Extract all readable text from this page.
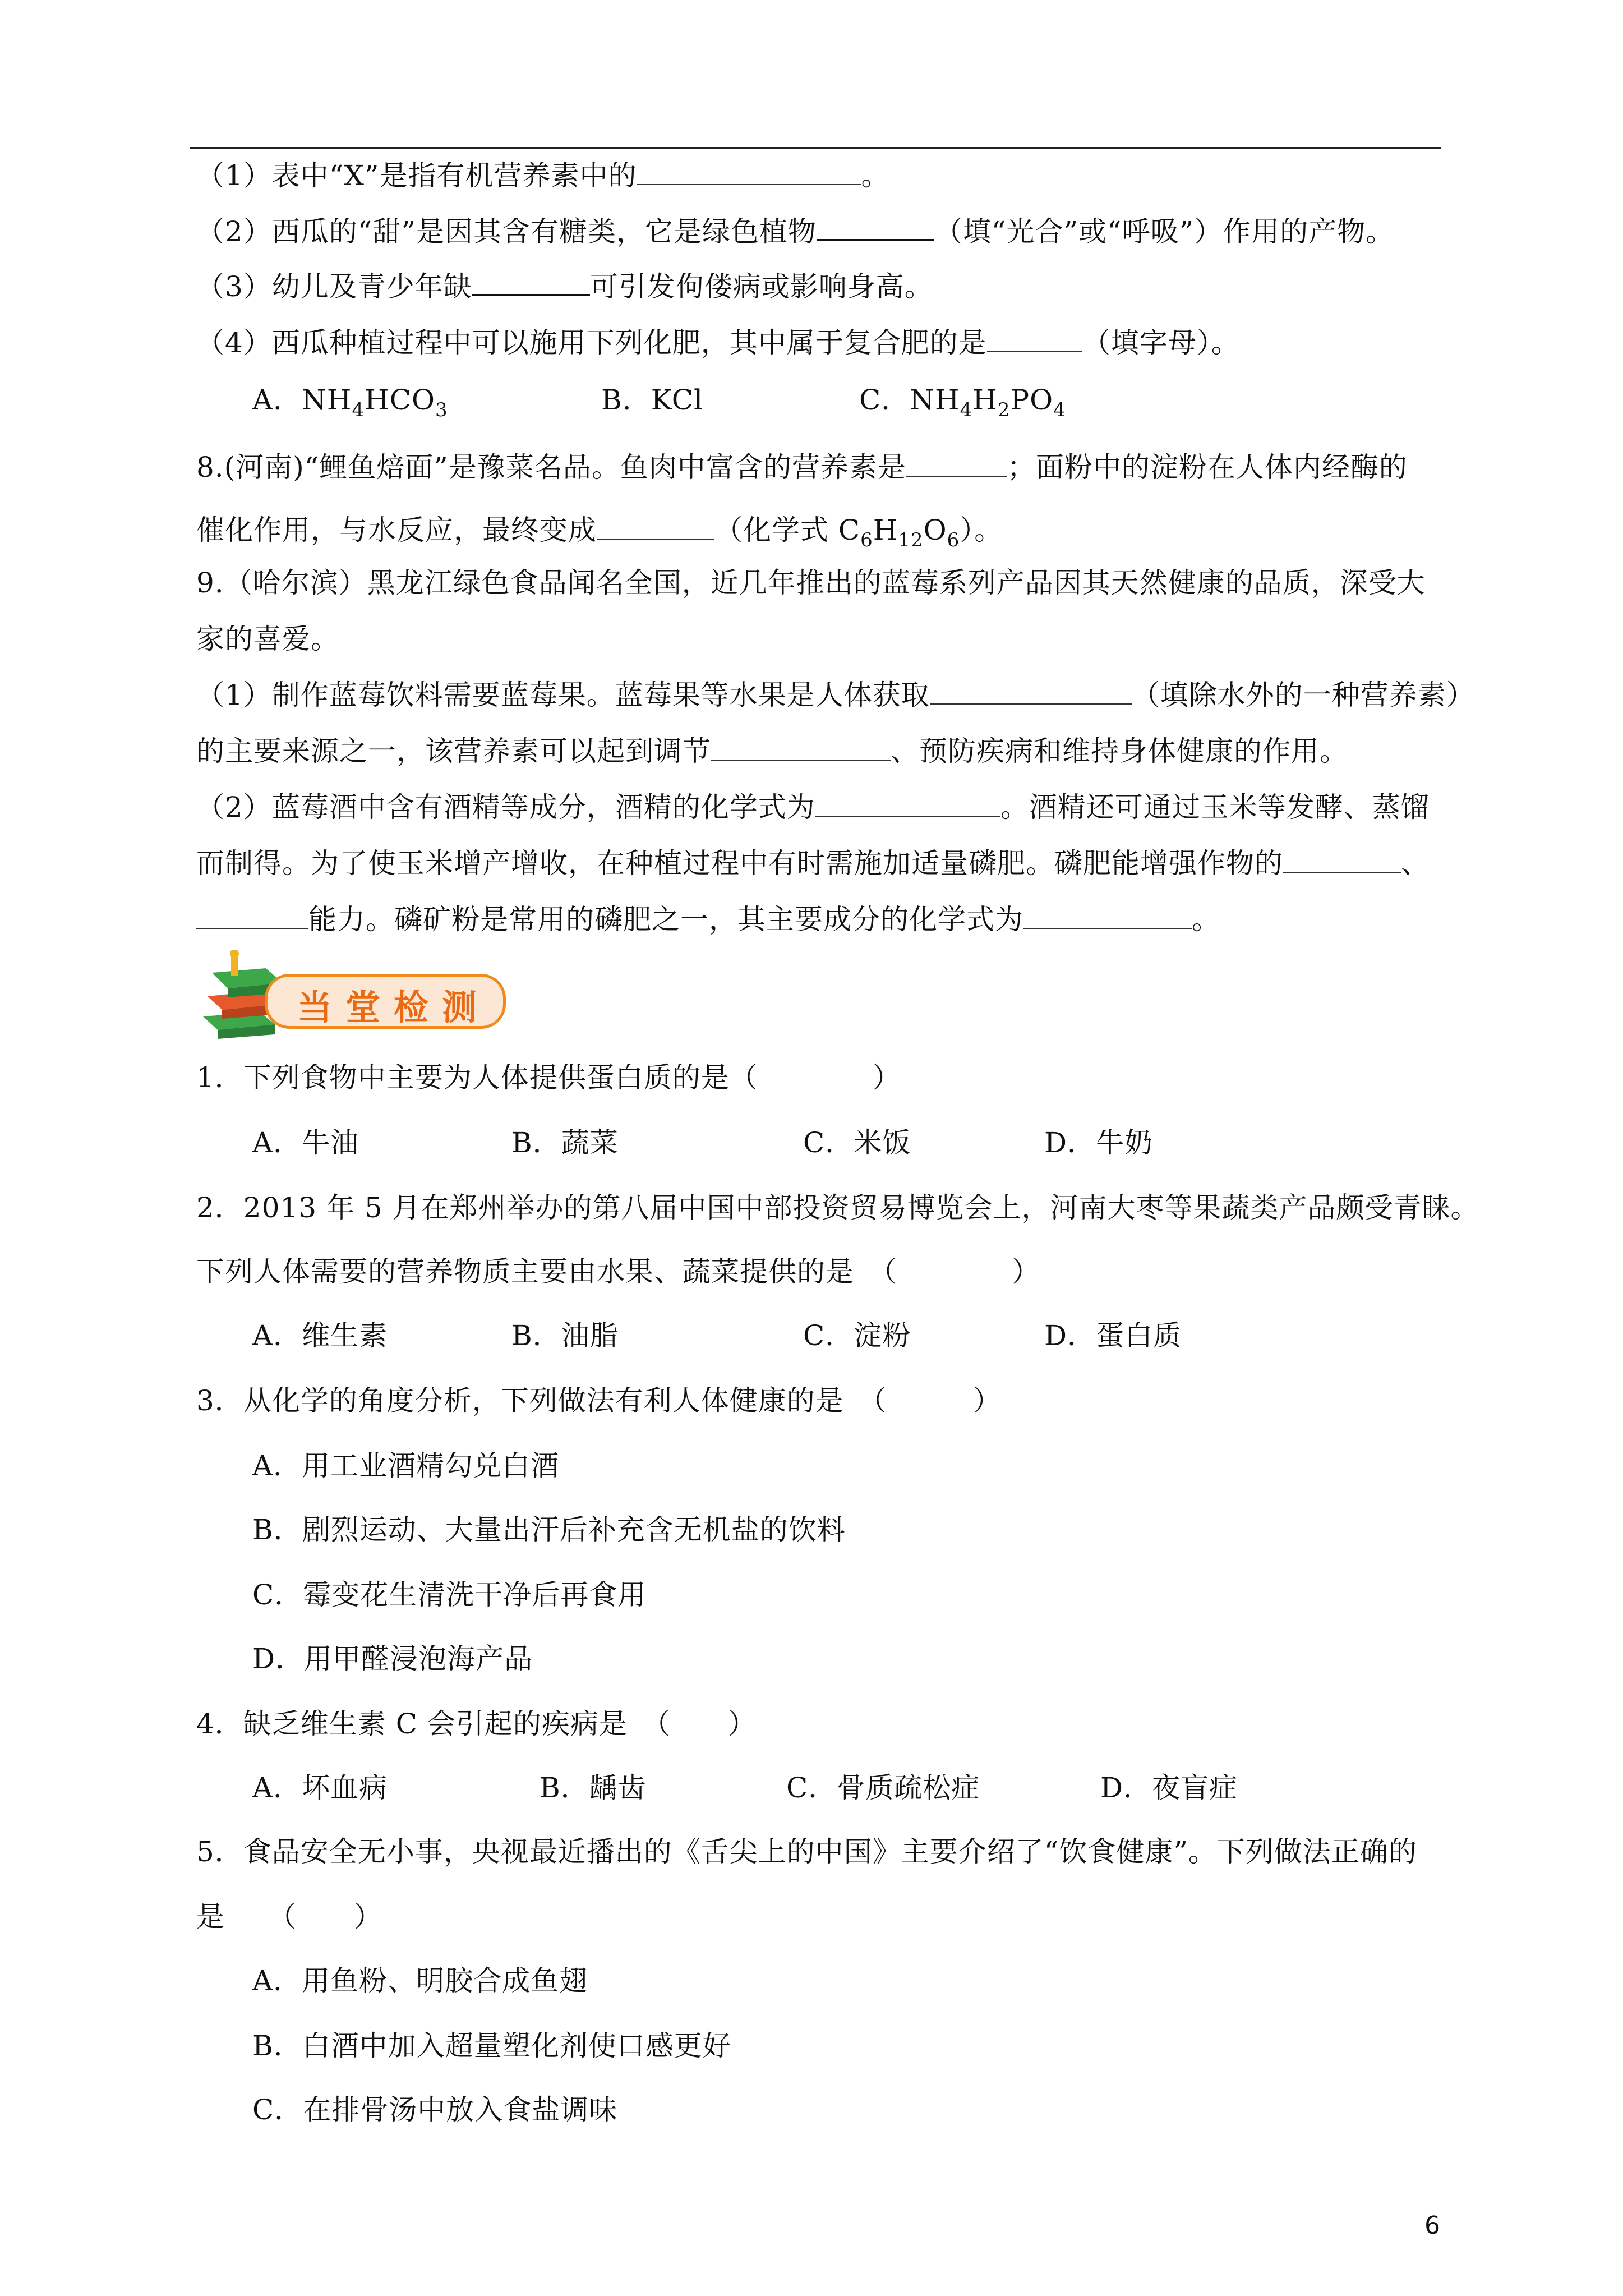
（1）表中“X”是指有机营养素中的	。
（2）西瓜的“甜”是因其含有糖类，它是绿色植物	（填“光合”或“呼吸”）作用的产物。
（3）幼儿及青少年缺	可引发佝偻病或影响身高。
（4）西瓜种植过程中可以施用下列化肥，其中属于复合肥的是	（填字母）。
A．$NH_4HCO_3$	B．KCl	C．$NH_4H_2PO_4$
8.(河南)“鲤鱼焙面”是豫菜名品。鱼肉中富含的营养素是	；面粉中的淀粉在人体内经酶的
催化作用，与水反应，最终变成	（化学式 $C_6H_{12}O_6$）。
9.（哈尔滨）黑龙江绿色食品闻名全国，近几年推出的蓝莓系列产品因其天然健康的品质，深受大
家的喜爱。
（1）制作蓝莓饮料需要蓝莓果。蓝莓果等水果是人体获取	（填除水外的一种营养素）
的主要来源之一，该营养素可以起到调节	、预防疾病和维持身体健康的作用。
（2）蓝莓酒中含有酒精等成分，酒精的化学式为	。酒精还可通过玉米等发酵、蒸馏
而制得。为了使玉米增产增收，在种植过程中有时需施加适量磷肥。磷肥能增强作物的	、
能力。磷矿粉是常用的磷肥之一，其主要成分的化学式为	。
当堂检测
1．下列食物中主要为人体提供蛋白质的是（　　　　）
A．牛油	B．蔬菜	C．米饭	D．牛奶
2．2013 年 5 月在郑州举办的第八届中国中部投资贸易博览会上，河南大枣等果蔬类产品颇受青睐。
下列人体需要的营养物质主要由水果、蔬菜提供的是　（　　　　）
A．维生素	B．油脂	C．淀粉	D．蛋白质
3．从化学的角度分析，下列做法有利人体健康的是　（　　　）
A．用工业酒精勾兑白酒
B．剧烈运动、大量出汗后补充含无机盐的饮料
C．霉变花生清洗干净后再食用
D．用甲醛浸泡海产品
4．缺乏维生素 C 会引起的疾病是　（　　）
A．坏血病	B．龋齿	C．骨质疏松症	D．夜盲症
5．食品安全无小事，央视最近播出的《舌尖上的中国》主要介绍了“饮食健康”。下列做法正确的
是　　（　　）
A．用鱼粉、明胶合成鱼翅
B．白酒中加入超量塑化剂使口感更好
C．在排骨汤中放入食盐调味
6
